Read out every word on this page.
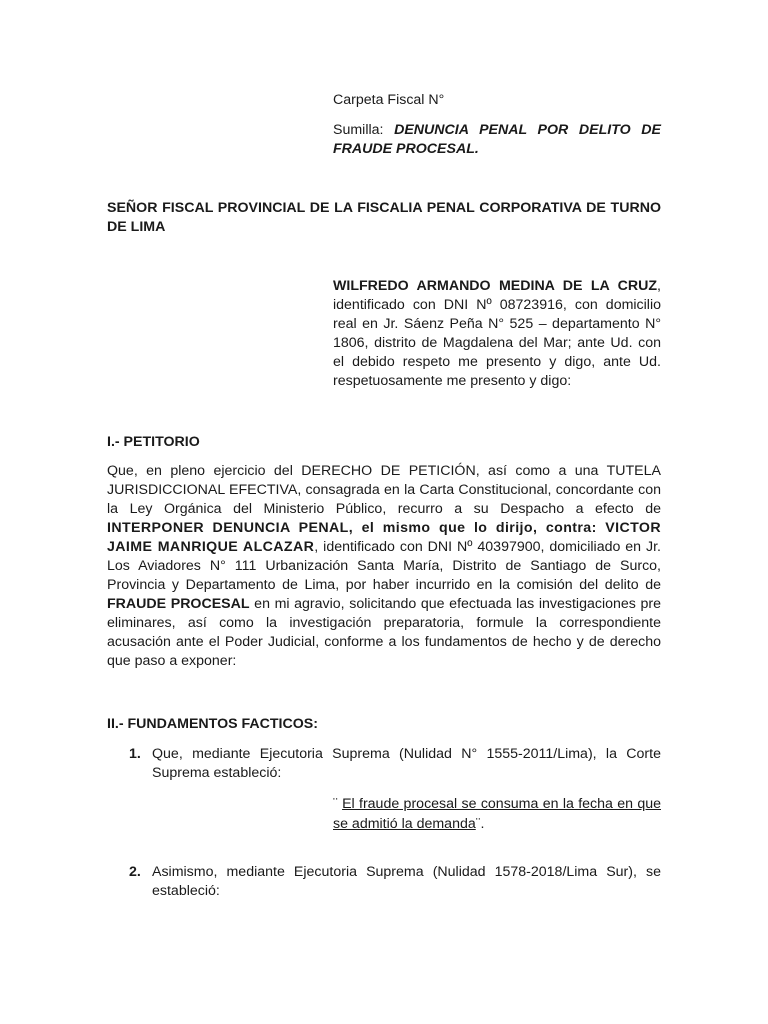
Carpeta Fiscal N°

Sumilla: DENUNCIA PENAL POR DELITO DE FRAUDE PROCESAL.

SEÑOR FISCAL PROVINCIAL DE LA FISCALIA PENAL CORPORATIVA DE TURNO DE LIMA

WILFREDO ARMANDO MEDINA DE LA CRUZ, identificado con DNI Nº 08723916, con domicilio real en Jr. Sáenz Peña N° 525 – departamento N° 1806, distrito de Magdalena del Mar; ante Ud. con el debido respeto me presento y digo, ante Ud. respetuosamente me presento y digo:

I.- PETITORIO

Que, en pleno ejercicio del DERECHO DE PETICIÓN, así como a una TUTELA JURISDICCIONAL EFECTIVA, consagrada en la Carta Constitucional, concordante con la Ley Orgánica del Ministerio Público, recurro a su Despacho a efecto de INTERPONER DENUNCIA PENAL, el mismo que lo dirijo, contra: VICTOR JAIME MANRIQUE ALCAZAR, identificado con DNI Nº 40397900, domiciliado en Jr. Los Aviadores N° 111 Urbanización Santa María, Distrito de Santiago de Surco, Provincia y Departamento de Lima, por haber incurrido en la comisión del delito de FRAUDE PROCESAL en mi agravio, solicitando que efectuada las investigaciones pre eliminares, así como la investigación preparatoria, formule la correspondiente acusación ante el Poder Judicial, conforme a los fundamentos de hecho y de derecho que paso a exponer:

II.- FUNDAMENTOS FACTICOS:

1. Que, mediante Ejecutoria Suprema (Nulidad N° 1555-2011/Lima), la Corte Suprema estableció:

¨ El fraude procesal se consuma en la fecha en que se admitió la demanda¨.

2. Asimismo, mediante Ejecutoria Suprema (Nulidad 1578-2018/Lima Sur), se estableció:
